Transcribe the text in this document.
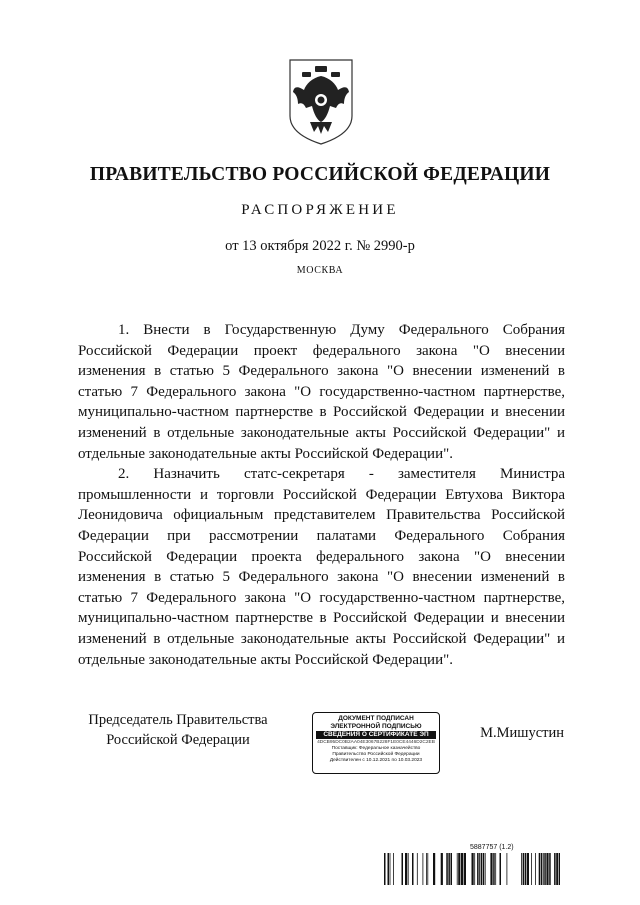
ПРАВИТЕЛЬСТВО РОССИЙСКОЙ ФЕДЕРАЦИИ
РАСПОРЯЖЕНИЕ
от 13 октября 2022 г. № 2990-р
МОСКВА

1. Внести в Государственную Думу Федерального Собрания Российской Федерации проект федерального закона "О внесении изменения в статью 5 Федерального закона "О внесении изменений в статью 7 Федерального закона "О государственно-частном партнерстве, муниципально-частном партнерстве в Российской Федерации и внесении изменений в отдельные законодательные акты Российской Федерации" и отдельные законодательные акты Российской Федерации".

2. Назначить статс-секретаря - заместителя Министра промышленности и торговли Российской Федерации Евтухова Виктора Леонидовича официальным представителем Правительства Российской Федерации при рассмотрении палатами Федерального Собрания Российской Федерации проекта федерального закона "О внесении изменения в статью 5 Федерального закона "О внесении изменений в статью 7 Федерального закона "О государственно-частном партнерстве, муниципально-частном партнерстве в Российской Федерации и внесении изменений в отдельные законодательные акты Российской Федерации" и отдельные законодательные акты Российской Федерации".

Председатель Правительства
Российской Федерации
ДОКУМЕНТ ПОДПИСАН
ЭЛЕКТРОННОЙ ПОДПИСЬЮ
СВЕДЕНИЯ О СЕРТИФИКАТЕ ЭП
4DCB95DC0B2AA04E3067B228F1E0CE4446D2C2EB
Поставщик: Федеральное казначейство
Правительство Российской Федерации
Действителен с 10.12.2021 по 10.03.2023
М.Мишустин
5887757 (1.2)
